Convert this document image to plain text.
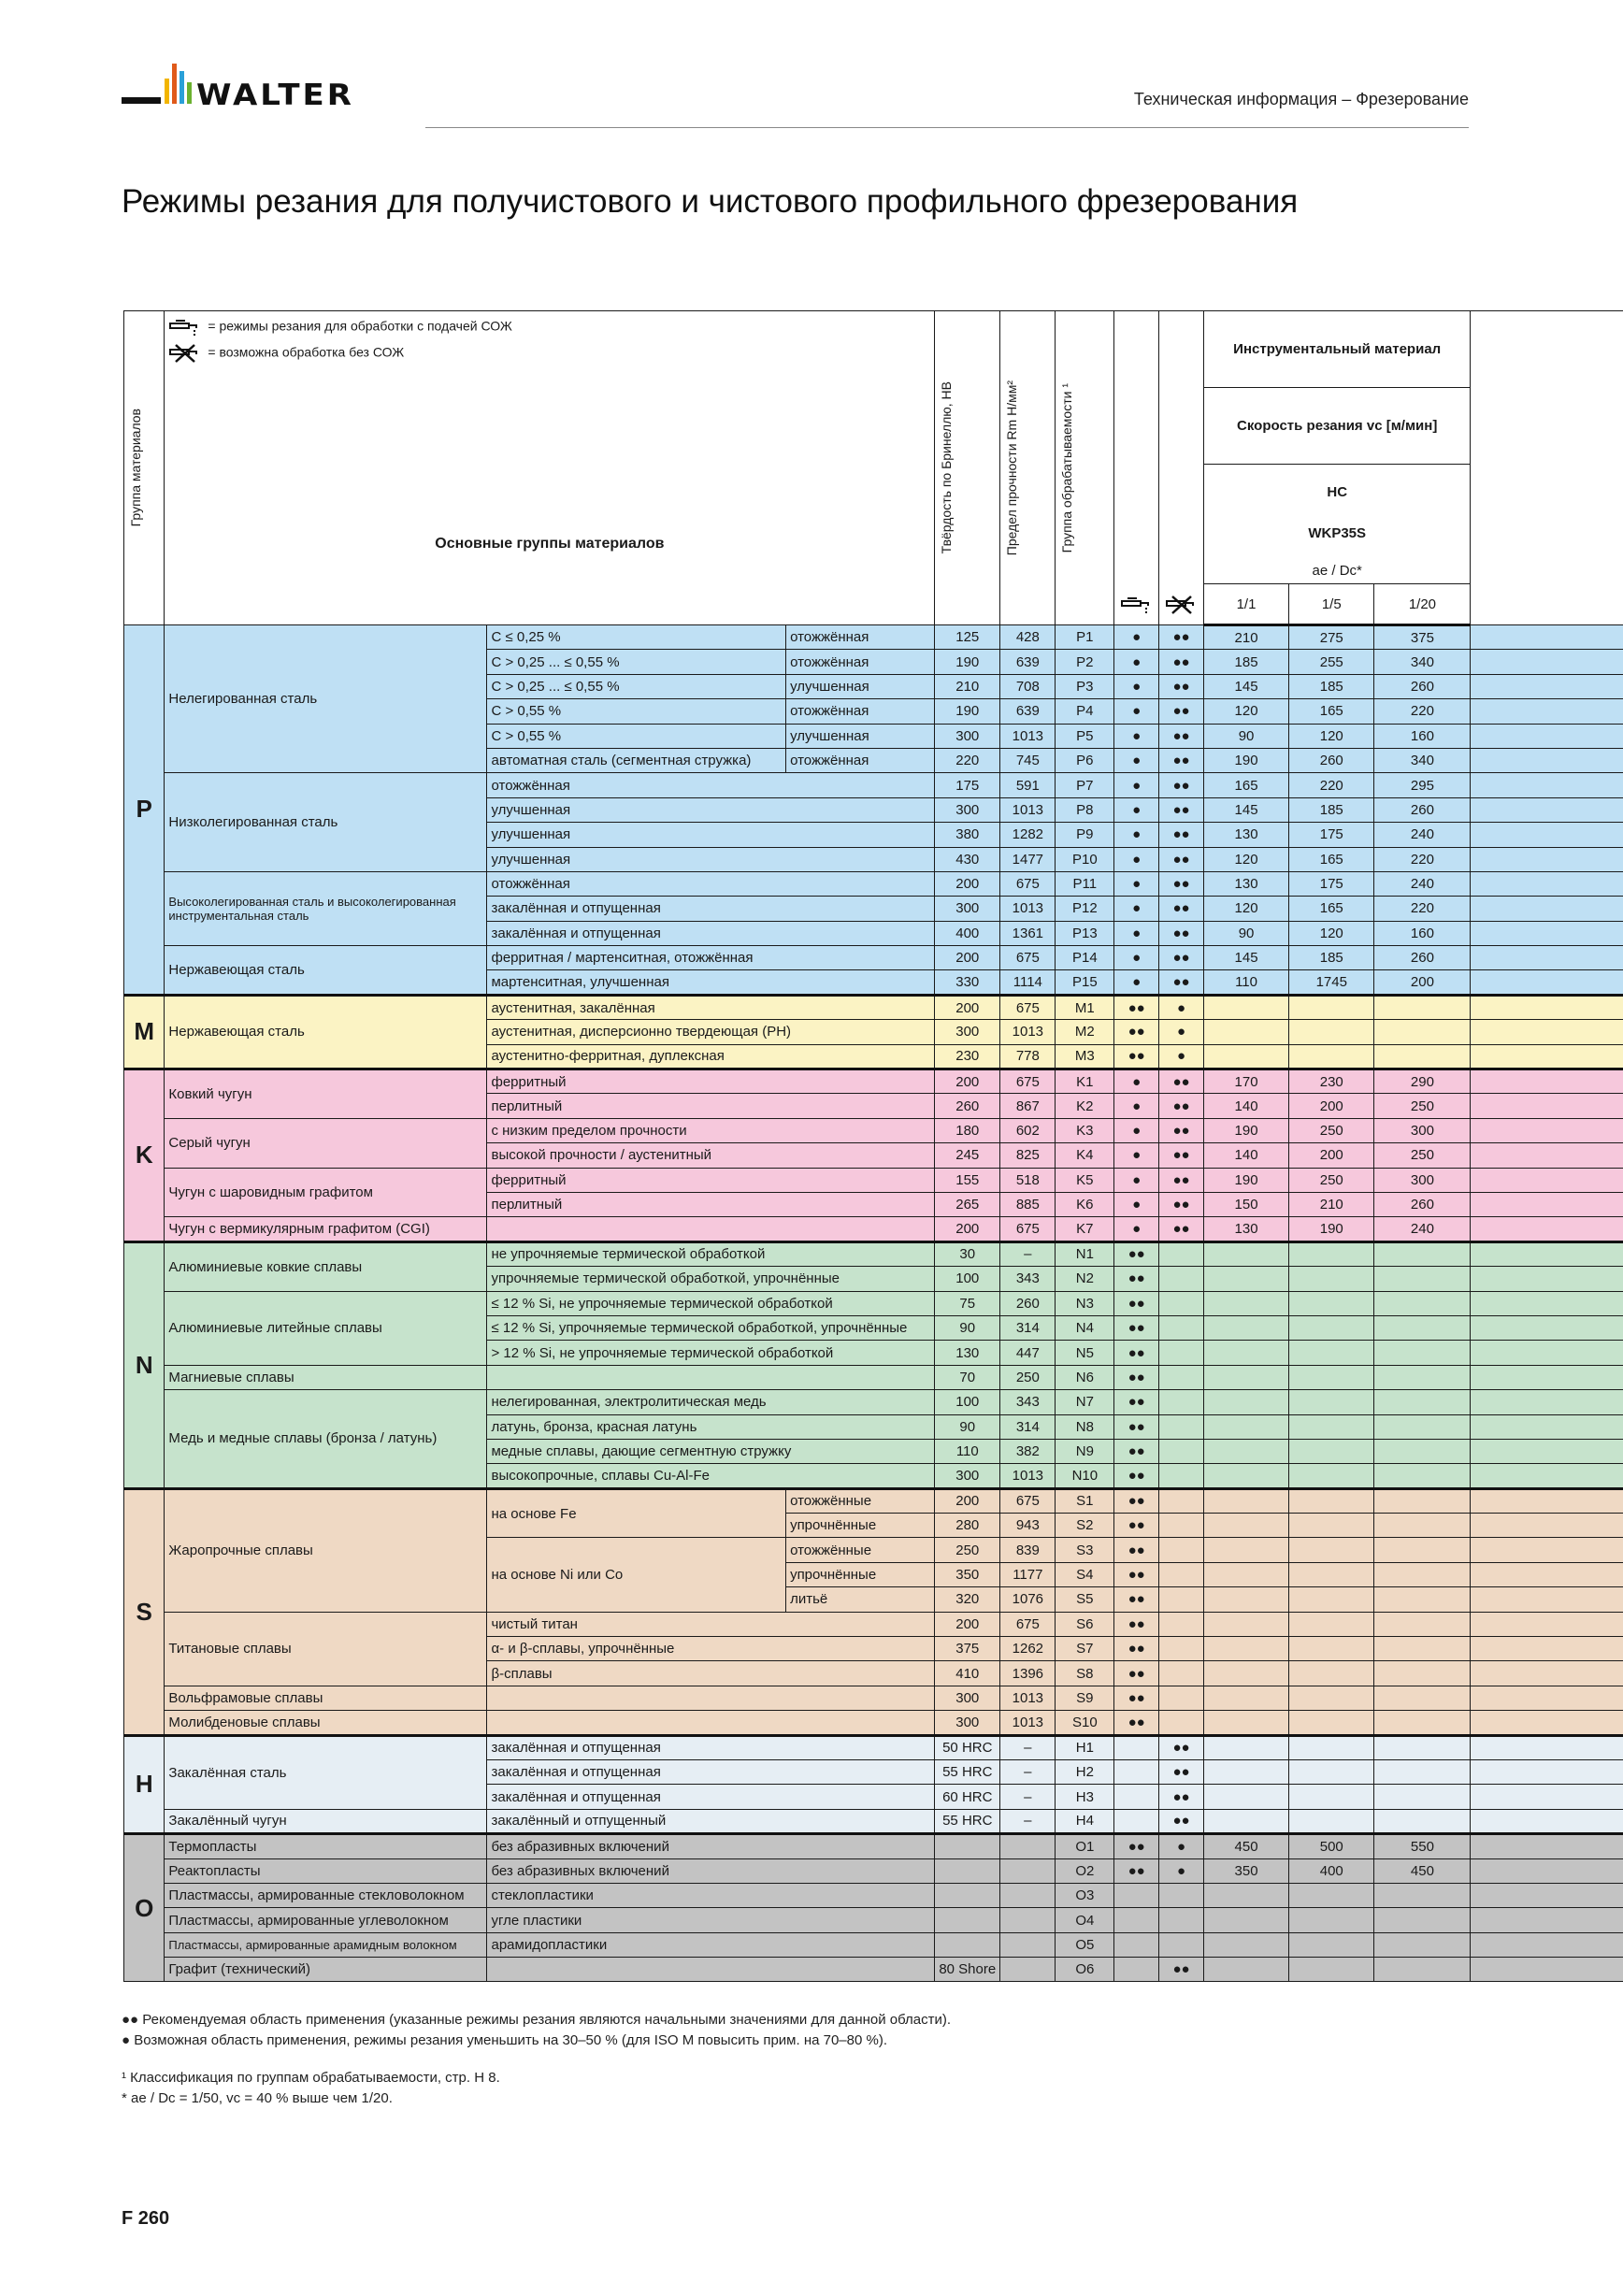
WALTER	Техническая информация – Фрезерование
Режимы резания для получистового и чистового профильного фрезерования
Группа материалов	= режимы резания для обработки с подачей СОЖ
= возможна обработка без СОЖ
Основные группы материалов			Твёрдость по Бринеллю, HB	Предел прочности Rm Н/мм²	Группа обрабатываемости ¹			Инструментальный материал			
									Скорость резания vc [м/мин]			

									HC
WKP35S
ae / Dc*			

									1/1	1/5	1/20	
P	Нелегированная сталь	C ≤ 0,25 %	отожжённая	125	428	P1	●	●●	210	275	375	
		C > 0,25 ... ≤ 0,55 %	отожжённая	190	639	P2	●	●●	185	255	340	
		C > 0,25 ... ≤ 0,55 %	улучшенная	210	708	P3	●	●●	145	185	260	
		C > 0,55 %	отожжённая	190	639	P4	●	●●	120	165	220	
		C > 0,55 %	улучшенная	300	1013	P5	●	●●	90	120	160	
		автоматная сталь (сегментная стружка)	отожжённая	220	745	P6	●	●●	190	260	340	
	Низколегированная сталь	отожжённая		175	591	P7	●	●●	165	220	295	
		улучшенная		300	1013	P8	●	●●	145	185	260	
		улучшенная		380	1282	P9	●	●●	130	175	240	
		улучшенная		430	1477	P10	●	●●	120	165	220	
	Высоколегированная сталь и высоколегированная инструментальная сталь	отожжённая		200	675	P11	●	●●	130	175	240	
		закалённая и отпущенная		300	1013	P12	●	●●	120	165	220	
		закалённая и отпущенная		400	1361	P13	●	●●	90	120	160	
	Нержавеющая сталь	ферритная / мартенситная, отожжённая		200	675	P14	●	●●	145	185	260	
		мартенситная, улучшенная		330	1114	P15	●	●●	110	1745	200	
M	Нержавеющая сталь	аустенитная, закалённая		200	675	M1	●●	●				
		аустенитная, дисперсионно твердеющая (PH)		300	1013	M2	●●	●				
		аустенитно-ферритная, дуплексная		230	778	M3	●●	●				
K	Ковкий чугун	ферритный		200	675	K1	●	●●	170	230	290	
		перлитный		260	867	K2	●	●●	140	200	250	
	Серый чугун	с низким пределом прочности		180	602	K3	●	●●	190	250	300	
		высокой прочности / аустенитный		245	825	K4	●	●●	140	200	250	
	Чугун с шаровидным графитом	ферритный		155	518	K5	●	●●	190	250	300	
		перлитный		265	885	K6	●	●●	150	210	260	
	Чугун с вермикулярным графитом (CGI)			200	675	K7	●	●●	130	190	240	
N	Алюминиевые ковкие сплавы	не упрочняемые термической обработкой		30	–	N1	●●					
		упрочняемые термической обработкой, упрочнённые		100	343	N2	●●					
	Алюминиевые литейные сплавы	≤ 12 % Si, не упрочняемые термической обработкой		75	260	N3	●●					
		≤ 12 % Si, упрочняемые термической обработкой, упрочнённые		90	314	N4	●●					
		> 12 % Si, не упрочняемые термической обработкой		130	447	N5	●●					
	Магниевые сплавы			70	250	N6	●●					
	Медь и медные сплавы (бронза / латунь)	нелегированная, электролитическая медь		100	343	N7	●●					
		латунь, бронза, красная латунь		90	314	N8	●●					
		медные сплавы, дающие сегментную стружку		110	382	N9	●●					
		высокопрочные, сплавы Cu-Al-Fe		300	1013	N10	●●					
S	Жаропрочные сплавы	на основе Fe	отожжённые	200	675	S1	●●					
			упрочнённые	280	943	S2	●●					
		на основе Ni или Co	отожжённые	250	839	S3	●●					
			упрочнённые	350	1177	S4	●●					
			литьё	320	1076	S5	●●					
	Титановые сплавы	чистый титан		200	675	S6	●●					
		α- и β-сплавы, упрочнённые		375	1262	S7	●●					
		β-сплавы		410	1396	S8	●●					
	Вольфрамовые сплавы			300	1013	S9	●●					
	Молибденовые сплавы			300	1013	S10	●●					
H	Закалённая сталь	закалённая и отпущенная		50 HRC	–	H1		●●				
		закалённая и отпущенная		55 HRC	–	H2		●●				
		закалённая и отпущенная		60 HRC	–	H3		●●				
	Закалённый чугун	закалённый и отпущенный		55 HRC	–	H4		●●				
O	Термопласты	без абразивных включений				O1	●●	●	450	500	550	
	Реактопласты	без абразивных включений				O2	●●	●	350	400	450	
	Пластмассы, армированные стекловолокном	стеклопластики				O3						
	Пластмассы, армированные углеволокном	угле пластики				O4						
	Пластмассы, армированные арамидным волокном	арамидопластики				O5						
	Графит (технический)			80 Shore		O6		●●				
●● Рекомендуемая область применения (указанные режимы резания являются начальными значениями для данной области).
● Возможная область применения, режимы резания уменьшить на 30–50 % (для ISO M повысить прим. на 70–80 %).
¹ Классификация по группам обрабатываемости, стр. H 8.
* ae / Dc = 1/50, vc = 40 % выше чем 1/20.
F 260
